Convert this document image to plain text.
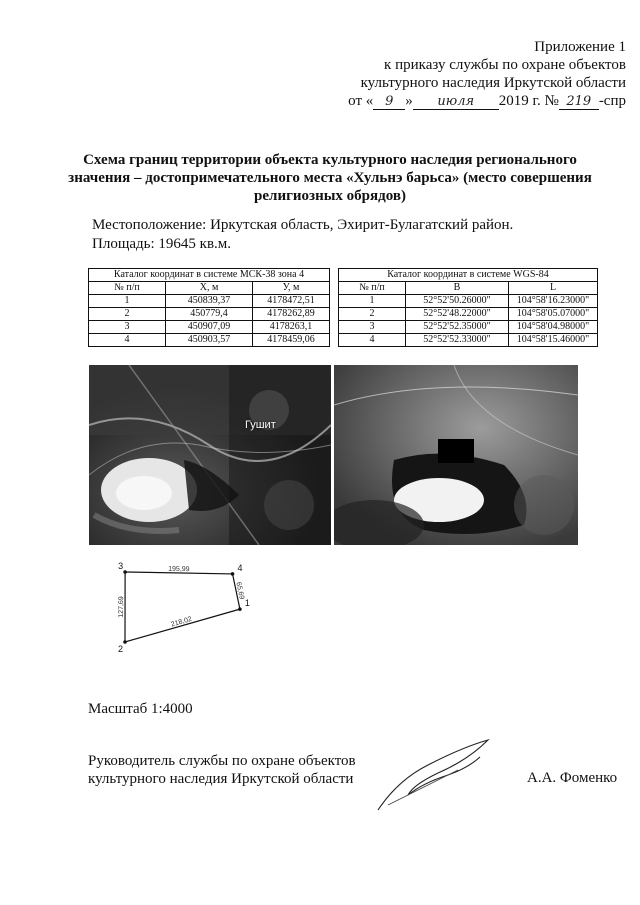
Приложение 1
к приказу службы по охране объектов
культурного наследия Иркутской области
от « 9 » июля 2019 г. № 219 -спр
Схема границ территории объекта культурного наследия регионального
значения – достопримечательного места «Хульнэ барьса» (место совершения
религиозных обрядов)
Местоположение: Иркутская область, Эхирит-Булагатский район.
Площадь: 19645 кв.м.
Каталог координат в системе МСК-38 зона 4		
№ п/п	X, м	У, м
1	450839,37	4178472,51
2	450779,4	4178262,89
3	450907,09	4178263,1
4	450903,57	4178459,06
Каталог координат в системе WGS-84		
№ п/п	B	L
1	52°52'50.26000"	104°58'16.23000"
2	52°52'48.22000"	104°58'05.07000"
3	52°52'52.35000"	104°58'04.98000"
4	52°52'52.33000"	104°58'15.46000"
Гушит
1
2
3	4
195,99
65,69
218,02
127,69
Масштаб 1:4000
Руководитель службы по охране объектов
культурного наследия Иркутской области	А.А. Фоменко
